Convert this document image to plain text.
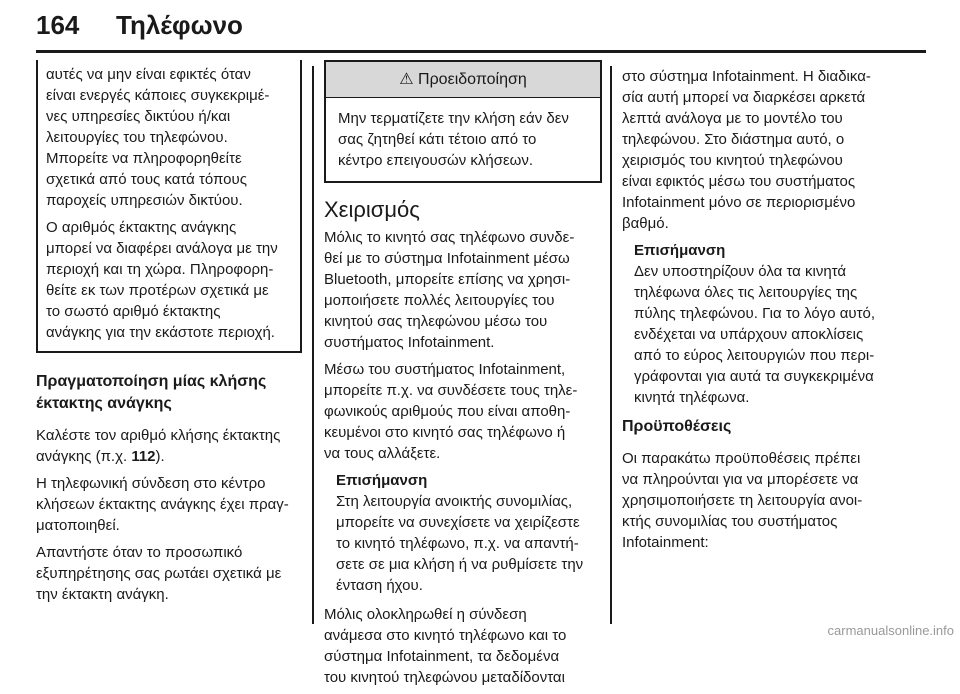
164 Τηλέφωνο

αυτές να μην είναι εφικτές όταν
είναι ενεργές κάποιες συγκεκριμέ-
νες υπηρεσίες δικτύου ή/και
λειτουργίες του τηλεφώνου.
Μπορείτε να πληροφορηθείτε
σχετικά από τους κατά τόπους
παροχείς υπηρεσιών δικτύου.

Ο αριθμός έκτακτης ανάγκης
μπορεί να διαφέρει ανάλογα με την
περιοχή και τη χώρα. Πληροφορη-
θείτε εκ των προτέρων σχετικά με
το σωστό αριθμό έκτακτης
ανάγκης για την εκάστοτε περιοχή.

Πραγματοποίηση μίας κλήσης
έκτακτης ανάγκης

Καλέστε τον αριθμό κλήσης έκτακτης
ανάγκης (π.χ. 112).

Η τηλεφωνική σύνδεση στο κέντρο
κλήσεων έκτακτης ανάγκης έχει πραγ-
ματοποιηθεί.

Απαντήστε όταν το προσωπικό
εξυπηρέτησης σας ρωτάει σχετικά με
την έκτακτη ανάγκη.

⚠ Προειδοποίηση
Μην τερματίζετε την κλήση εάν δεν
σας ζητηθεί κάτι τέτοιο από το
κέντρο επειγουσών κλήσεων.
Χειρισμός

Μόλις το κινητό σας τηλέφωνο συνδε-
θεί με το σύστημα Infotainment μέσω
Bluetooth, μπορείτε επίσης να χρησι-
μοποιήσετε πολλές λειτουργίες του
κινητού σας τηλεφώνου μέσω του
συστήματος Infotainment.

Μέσω του συστήματος Infotainment,
μπορείτε π.χ. να συνδέσετε τους τηλε-
φωνικούς αριθμούς που είναι αποθη-
κευμένοι στο κινητό σας τηλέφωνο ή
να τους αλλάξετε.

Επισήμανση
Στη λειτουργία ανοικτής συνομιλίας,
μπορείτε να συνεχίσετε να χειρίζεστε
το κινητό τηλέφωνο, π.χ. να απαντή-
σετε σε μια κλήση ή να ρυθμίσετε την
ένταση ήχου.

Μόλις ολοκληρωθεί η σύνδεση
ανάμεσα στο κινητό τηλέφωνο και το
σύστημα Infotainment, τα δεδομένα
του κινητού τηλεφώνου μεταδίδονται

στο σύστημα Infotainment. Η διαδικα-
σία αυτή μπορεί να διαρκέσει αρκετά
λεπτά ανάλογα με το μοντέλο του
τηλεφώνου. Στο διάστημα αυτό, ο
χειρισμός του κινητού τηλεφώνου
είναι εφικτός μέσω του συστήματος
Infotainment μόνο σε περιορισμένο
βαθμό.

Επισήμανση
Δεν υποστηρίζουν όλα τα κινητά
τηλέφωνα όλες τις λειτουργίες της
πύλης τηλεφώνου. Για το λόγο αυτό,
ενδέχεται να υπάρχουν αποκλίσεις
από το εύρος λειτουργιών που περι-
γράφονται για αυτά τα συγκεκριμένα
κινητά τηλέφωνα.
Προϋποθέσεις

Οι παρακάτω προϋποθέσεις πρέπει
να πληρούνται για να μπορέσετε να
χρησιμοποιήσετε τη λειτουργία ανοι-
κτής συνομιλίας του συστήματος
Infotainment:

carmanualsonline.info
